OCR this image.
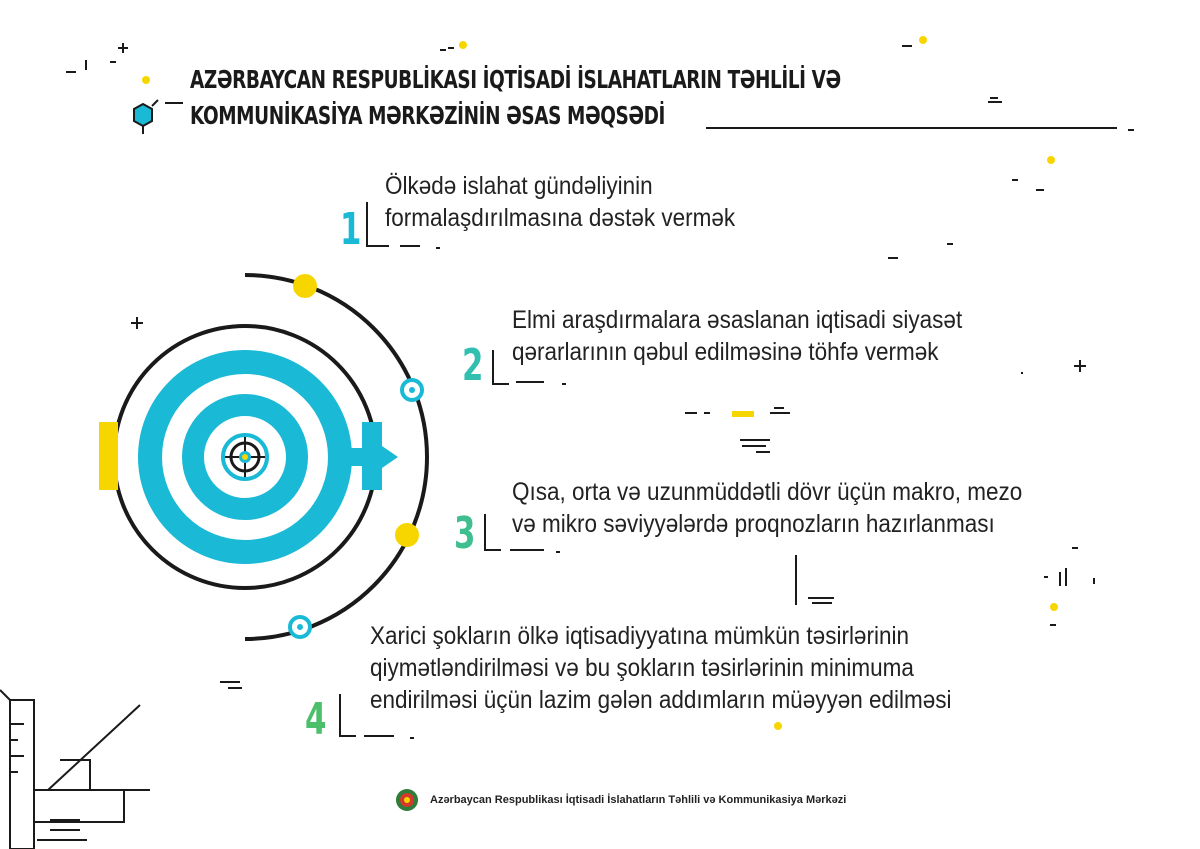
AZƏRBAYCAN RESPUBLİKASI İQTİSADİ İSLAHATLARIN TƏHLİLİ VƏ
KOMMUNİKASİYA MƏRKƏZİNİN ƏSAS MƏQSƏDİ
1
Ölkədə islahat gündəliyinin
formalaşdırılmasına dəstək vermək
2
Elmi araşdırmalara əsaslanan iqtisadi siyasət
qərarlarının qəbul edilməsinə töhfə vermək
3
Qısa, orta və uzunmüddətli dövr üçün makro, mezo
və mikro səviyyələrdə proqnozların hazırlanması
4
Xarici şokların ölkə iqtisadiyyatına mümkün təsirlərinin
qiymətləndirilməsi və bu şokların təsirlərinin minimuma
endirilməsi üçün lazim gələn addımların müəyyən edilməsi
Azərbaycan Respublikası İqtisadi İslahatların Təhlili və Kommunikasiya Mərkəzi
